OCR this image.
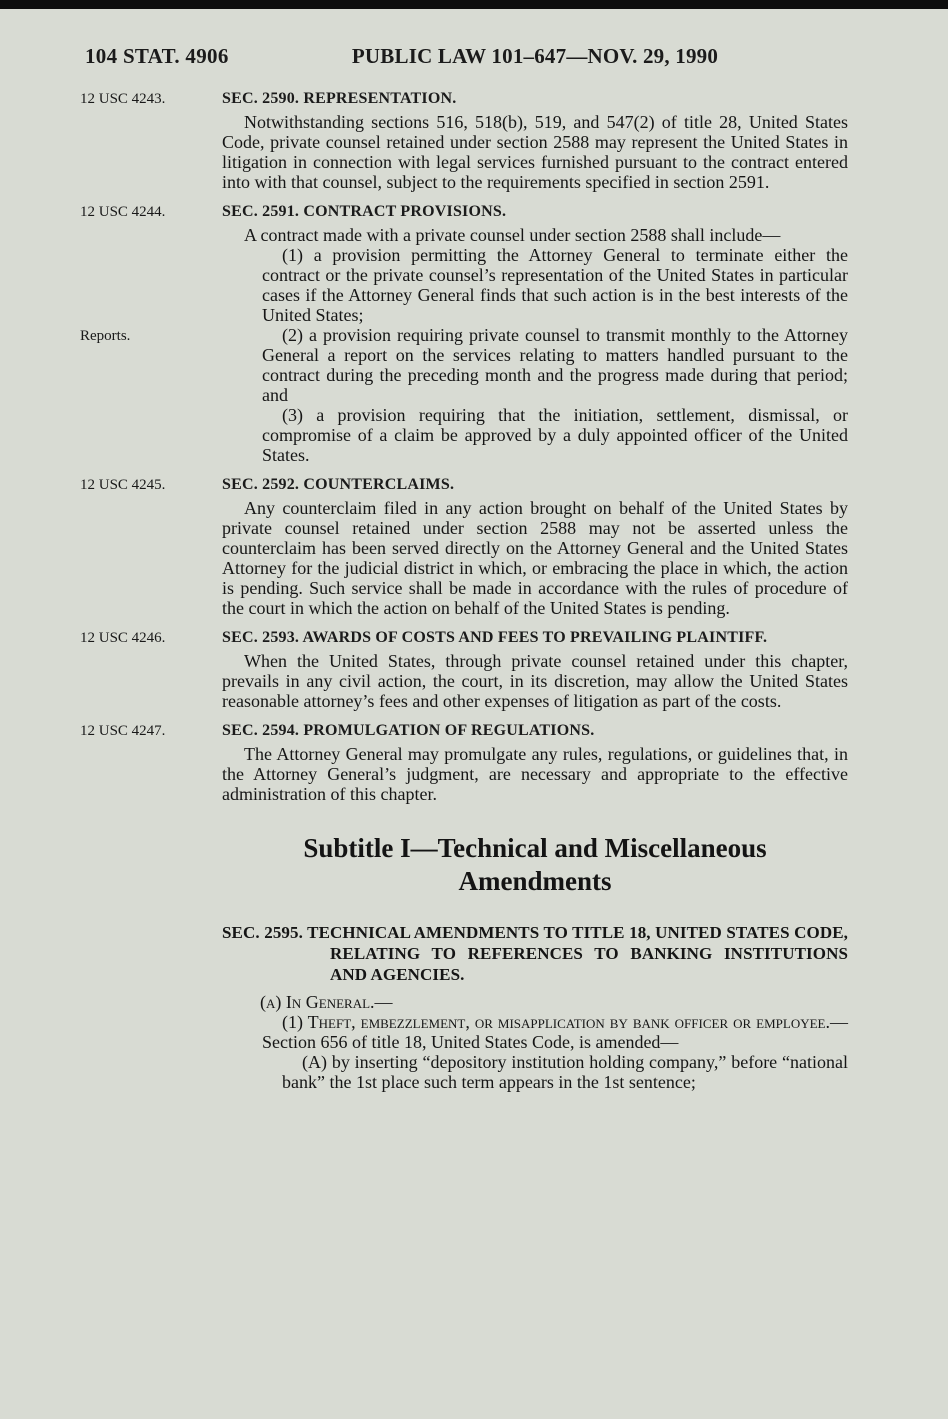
104 STAT. 4906	PUBLIC LAW 101–647—NOV. 29, 1990
12 USC 4243.	SEC. 2590. REPRESENTATION.

Notwithstanding sections 516, 518(b), 519, and 547(2) of title 28, United States Code, private counsel retained under section 2588 may represent the United States in litigation in connection with legal services furnished pursuant to the contract entered into with that counsel, subject to the requirements specified in section 2591.

12 USC 4244.	SEC. 2591. CONTRACT PROVISIONS.

A contract made with a private counsel under section 2588 shall include—

(1) a provision permitting the Attorney General to terminate either the contract or the private counsel’s representation of the United States in particular cases if the Attorney General finds that such action is in the best interests of the United States;

Reports.	(2) a provision requiring private counsel to transmit monthly to the Attorney General a report on the services relating to matters handled pursuant to the contract during the preceding month and the progress made during that period; and

(3) a provision requiring that the initiation, settlement, dismissal, or compromise of a claim be approved by a duly appointed officer of the United States.

12 USC 4245.	SEC. 2592. COUNTERCLAIMS.

Any counterclaim filed in any action brought on behalf of the United States by private counsel retained under section 2588 may not be asserted unless the counterclaim has been served directly on the Attorney General and the United States Attorney for the judicial district in which, or embracing the place in which, the action is pending. Such service shall be made in accordance with the rules of procedure of the court in which the action on behalf of the United States is pending.

12 USC 4246.	SEC. 2593. AWARDS OF COSTS AND FEES TO PREVAILING PLAINTIFF.

When the United States, through private counsel retained under this chapter, prevails in any civil action, the court, in its discretion, may allow the United States reasonable attorney’s fees and other expenses of litigation as part of the costs.

12 USC 4247.	SEC. 2594. PROMULGATION OF REGULATIONS.

The Attorney General may promulgate any rules, regulations, or guidelines that, in the Attorney General’s judgment, are necessary and appropriate to the effective administration of this chapter.

Subtitle I—Technical and Miscellaneous Amendments
SEC. 2595. TECHNICAL AMENDMENTS TO TITLE 18, UNITED STATES CODE, RELATING TO REFERENCES TO BANKING INSTITUTIONS AND AGENCIES.

(a) In General.—

(1) Theft, embezzlement, or misapplication by bank officer or employee.—Section 656 of title 18, United States Code, is amended—

(A) by inserting “depository institution holding company,” before “national bank” the 1st place such term appears in the 1st sentence;
